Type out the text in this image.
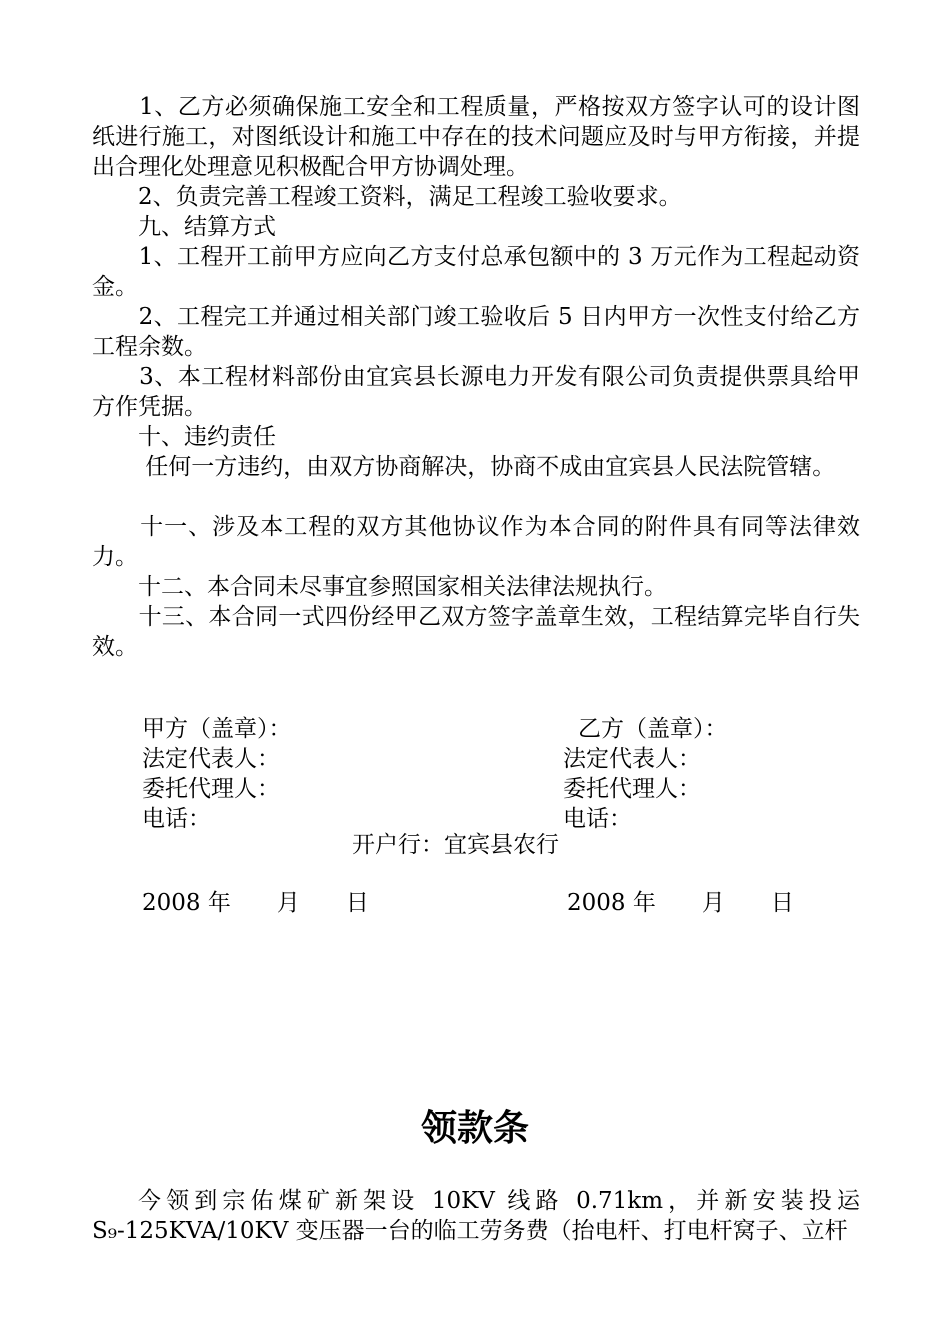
　　1、乙方必须确保施工安全和工程质量，严格按双方签字认可的设计图纸进行施工，对图纸设计和施工中存在的技术问题应及时与甲方衔接，并提出合理化处理意见积极配合甲方协调处理。

　　2、负责完善工程竣工资料，满足工程竣工验收要求。

　　九、结算方式

　　1、工程开工前甲方应向乙方支付总承包额中的 3 万元作为工程起动资金。

　　2、工程完工并通过相关部门竣工验收后 5 日内甲方一次性支付给乙方工程余数。

　　3、本工程材料部份由宜宾县长源电力开发有限公司负责提供票具给甲方作凭据。

　　十、违约责任

　　 任何一方违约，由双方协商解决，协商不成由宜宾县人民法院管辖。

　　十一、涉及本工程的双方其他协议作为本合同的附件具有同等法律效力。

　　十二、本合同未尽事宜参照国家相关法律法规执行。

　　十三、本合同一式四份经甲乙双方签字盖章生效，工程结算完毕自行失效。

甲方（盖章）：	乙方（盖章）：

法定代表人：	法定代表人：

委托代理人：	委托代理人：

电话：	电话：

开户行：宜宾县农行

2008 年　　月　　日	2008 年　　月　　日

领款条

今领到宗佑煤矿新架设 10KV 线路 0.71km，并新安装投运 S₉-125KVA/10KV 变压器一台的临工劳务费（抬电杆、打电杆窝子、立杆
